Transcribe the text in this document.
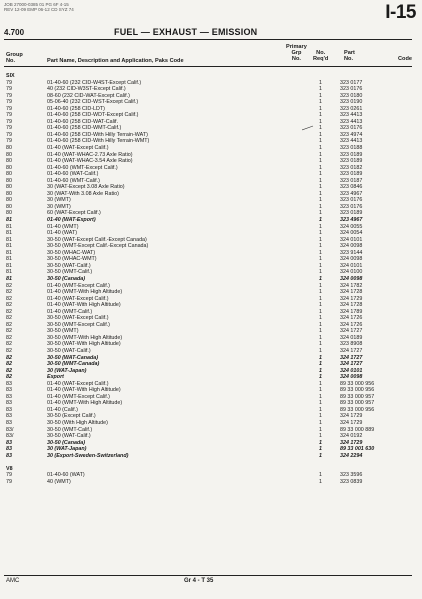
JOB 27000-0385 01 PG 6F 4-15
REV 12-09 EMP 06-12 CD SYZ 74	I-15
4.700	FUEL — EXHAUST — EMISSION
Group
No.	Part Name, Description and Application, Paks Code
Primary
Grp
No.
No.
Req'd
Part
No.	Code
SIX
79	01-40-60 (232 CID-W4ST-Except Calif.)	1	323 0177
79	40 (232 CID-W3ST-Except Calif.)	1	323 0176
79	08-60 (232 CID-WAT-Except Calif.)	1	323 0180
79	05-06-40 (232 CID-WST-Except Calif.)	1	323 0190
79	01-40-60 (258 CID-LDT)	1	323 0261
79	01-40-60 (258 CID-WDT-Except Calif.)	1	323 4413
79	01-40-60 (258 CID-WAT-Calif.	1	323 4413
79	01-40-60 (258 CID-WMT-Calif.)	1	323 0176
79	01-40-60 (258 CID-With Hilly Terrain-WAT)	1	323 4974
79	01-40-60 (258 CID-With Hilly Terrain-WMT)	1	323 4413
80	01-40 (WAT-Except Calif.)	1	323 0188
80	01-40 (WAT-WHAC-2.73 Axle Ratio)	1	323 0189
80	01-40 (WAT-WHAC-3.54 Axle Ratio)	1	323 0189
80	01-40-60 (WMT-Except Calif.)	1	323 0182
80	01-40-60 (WAT-Calif.)	1	323 0189
80	01-40-60 (WMT-Calif.)	1	323 0187
80	30 (WAT-Except 3.08 Axle Ratio)	1	323 0846
80	30 (WAT-With 3.08 Axle Ratio)	1	323 4967
80	30 (WMT)	1	323 0176
80	30 (WMT)	1	323 0176
80	60 (WAT-Except Calif.)	1	323 0189
81	01-40 (WAT-Export)	1	323 4967
81	01-40 (WMT)	1	324 0055
81	01-40 (WAT)	1	324 0054
81	30-50 (WAT-Except Calif.-Except Canada)	1	324 0101
81	30-50 (WMT-Except Calif.-Except Canada)	1	324 0098
81	30-50 (WHAC-WAT)	1	323 9144
81	30-50 (WHAC-WMT)	1	324 0098
81	30-50 (WAT-Calif.)	1	324 0101
81	30-50 (WMT-Calif.)	1	324 0100
81	30-50 (Canada)	1	324 0098
82	01-40 (WMT-Except Calif.)	1	324 1782
82	01-40 (WMT-With High Altitude)	1	324 1728
82	01-40 (WAT-Except Calif.)	1	324 1729
82	01-40 (WAT-With High Altitude)	1	324 1728
82	01-40 (WMT-Calif.)	1	324 1789
82	30-50 (WAT-Except Calif.)	1	324 1726
82	30-50 (WMT-Except Calif.)	1	324 1726
82	30-50 (WMT)	1	324 1727
82	30-50 (WMT-With High Altitude)	1	324 0189
82	30-50 (WAT-With High Altitude)	1	323 8908
82	30-50 (WAT-Calif.)	1	324 1727
82	30-50 (WAT-Canada)	1	324 1727
82	30-50 (WMT-Canada)	1	324 1727
82	30 (WAT-Japan)	1	324 0101
82	Export	1	324 0098
83	01-40 (WAT-Except Calif.)	1	89 33 000 956
83	01-40 (WAT-With High Altitude)	1	89 33 000 956
83	01-40 (WMT-Except Calif.)	1	89 33 000 957
83	01-40 (WMT-With High Altitude)	1	89 33 000 957
83	01-40 (Calif.)	1	89 33 000 956
83	30-50 (Except Calif.)	1	324 1729
83	30-50 (With High Altitude)	1	324 1729
83/	30-50 (WMT-Calif.)	1	89 33 000 889
83/	30-50 (WAT-Calif.)	1	324 0192
83	30-50 (Canada)	1	324 1729
83	30 (WAT-Japan)	1	89 33 001 630
83	30 (Export-Sweden-Switzerland)	1	324 2294
V8
79	01-40-60 (WAT)	1	323 3596
79	40 (WMT)	1	323 0839
AMC	Gr 4 - T 35
